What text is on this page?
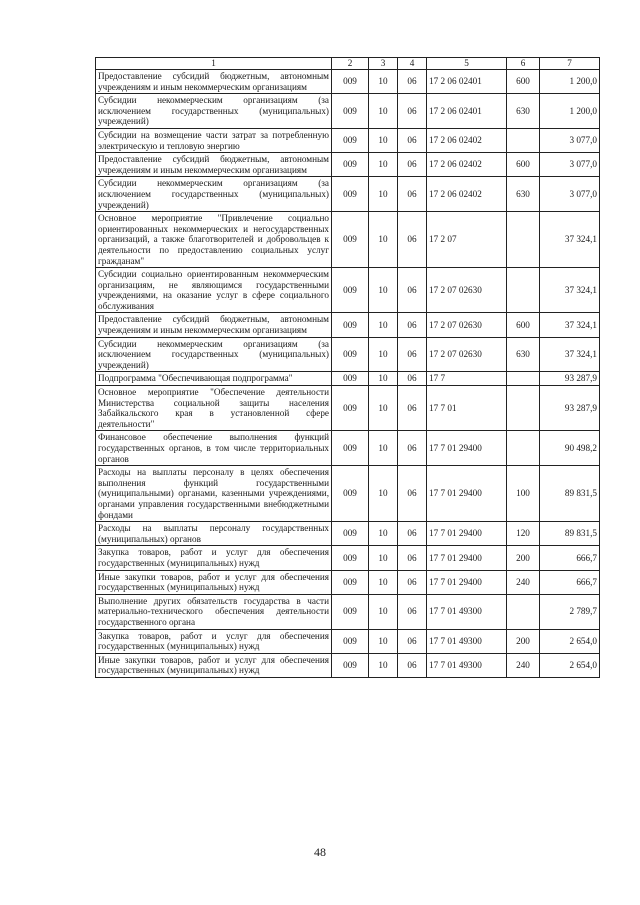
1	2	3	4	5	6	7
Предоставление субсидий бюджетным, автономным учреждениям и иным некоммерческим организациям	009	10	06	17 2 06 02401	600	1 200,0
Субсидии некоммерческим организациям (за исключением государственных (муниципальных) учреждений)	009	10	06	17 2 06 02401	630	1 200,0
Субсидии на возмещение части затрат за потребленную электрическую и тепловую энергию	009	10	06	17 2 06 02402		3 077,0
Предоставление субсидий бюджетным, автономным учреждениям и иным некоммерческим организациям	009	10	06	17 2 06 02402	600	3 077,0
Субсидии некоммерческим организациям (за исключением государственных (муниципальных) учреждений)	009	10	06	17 2 06 02402	630	3 077,0
Основное мероприятие "Привлечение социально ориентированных некоммерческих и негосударственных организаций, а также благотворителей и добровольцев к деятельности по предоставлению социальных услуг гражданам"	009	10	06	17 2 07		37 324,1
Субсидии социально ориентированным некоммерческим организациям, не являющимся государственными учреждениями, на оказание услуг в сфере социального обслуживания	009	10	06	17 2 07 02630		37 324,1
Предоставление субсидий бюджетным, автономным учреждениям и иным некоммерческим организациям	009	10	06	17 2 07 02630	600	37 324,1
Субсидии некоммерческим организациям (за исключением государственных (муниципальных) учреждений)	009	10	06	17 2 07 02630	630	37 324,1
Подпрограмма "Обеспечивающая подпрограмма"	009	10	06	17 7		93 287,9
Основное мероприятие "Обеспечение деятельности Министерства социальной защиты населения Забайкальского края в установленной сфере деятельности"	009	10	06	17 7 01		93 287,9
Финансовое обеспечение выполнения функций государственных органов, в том числе территориальных органов	009	10	06	17 7 01 29400		90 498,2
Расходы на выплаты персоналу в целях обеспечения выполнения функций государственными (муниципальными) органами, казенными учреждениями, органами управления государственными внебюджетными фондами	009	10	06	17 7 01 29400	100	89 831,5
Расходы на выплаты персоналу государственных (муниципальных) органов	009	10	06	17 7 01 29400	120	89 831,5
Закупка товаров, работ и услуг для обеспечения государственных (муниципальных) нужд	009	10	06	17 7 01 29400	200	666,7
Иные закупки товаров, работ и услуг для обеспечения государственных (муниципальных) нужд	009	10	06	17 7 01 29400	240	666,7
Выполнение других обязательств государства в части материально-технического обеспечения деятельности государственного органа	009	10	06	17 7 01 49300		2 789,7
Закупка товаров, работ и услуг для обеспечения государственных (муниципальных) нужд	009	10	06	17 7 01 49300	200	2 654,0
Иные закупки товаров, работ и услуг для обеспечения государственных (муниципальных) нужд	009	10	06	17 7 01 49300	240	2 654,0
48
